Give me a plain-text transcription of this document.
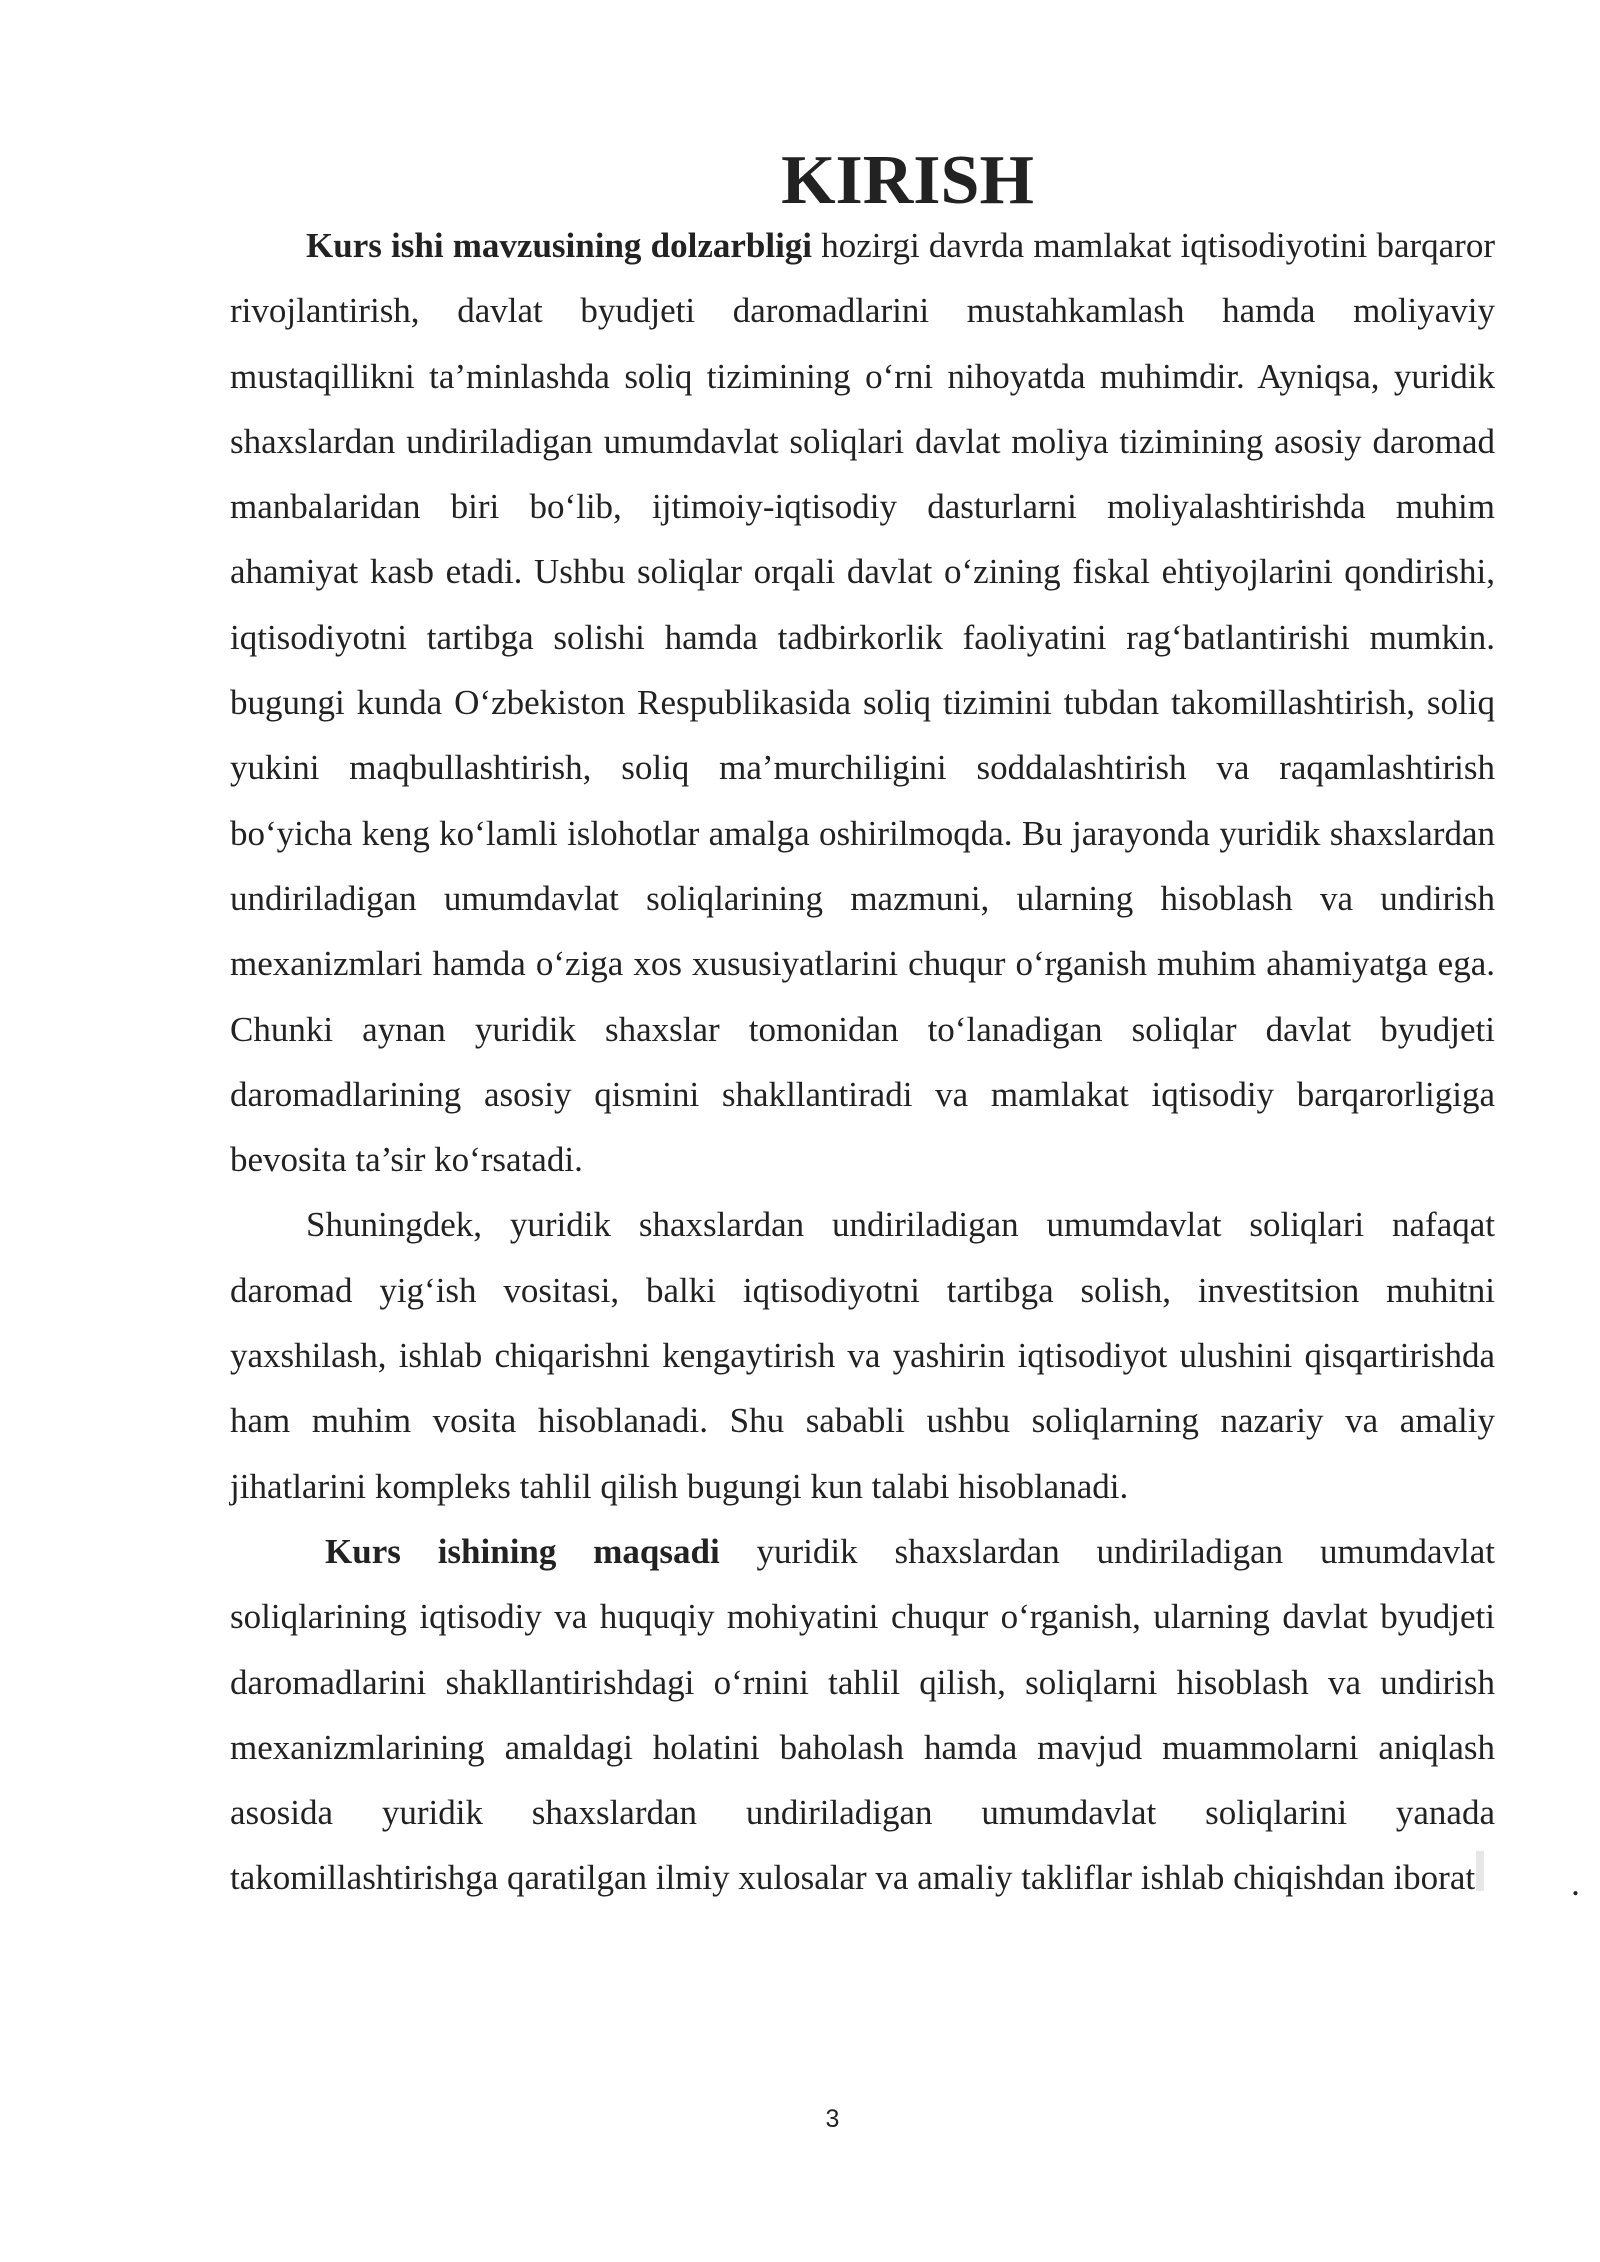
KIRISH

Kurs ishi mavzusining dolzarbligi hozirgi davrda mamlakat iqtisodiyotini barqaror rivojlantirish, davlat byudjeti daromadlarini mustahkamlash hamda moliyaviy mustaqillikni ta’minlashda soliq tizimining o‘rni nihoyatda muhimdir. Ayniqsa, yuridik shaxslardan undiriladigan umumdavlat soliqlari davlat moliya tizimining asosiy daromad manbalaridan biri bo‘lib, ijtimoiy-iqtisodiy dasturlarni moliyalashtirishda muhim ahamiyat kasb etadi. Ushbu soliqlar orqali davlat o‘zining fiskal ehtiyojlarini qondirishi, iqtisodiyotni tartibga solishi hamda tadbirkorlik faoliyatini rag‘batlantirishi mumkin. bugungi kunda O‘zbekiston Respublikasida soliq tizimini tubdan takomillashtirish, soliq yukini maqbullashtirish, soliq ma’murchiligini soddalashtirish va raqamlashtirish bo‘yicha keng ko‘lamli islohotlar amalga oshirilmoqda. Bu jarayonda yuridik shaxslardan undiriladigan umumdavlat soliqlarining mazmuni, ularning hisoblash va undirish mexanizmlari hamda o‘ziga xos xususiyatlarini chuqur o‘rganish muhim ahamiyatga ega. Chunki aynan yuridik shaxslar tomonidan to‘lanadigan soliqlar davlat byudjeti daromadlarining asosiy qismini shakllantiradi va mamlakat iqtisodiy barqarorligiga bevosita ta’sir ko‘rsatadi.

Shuningdek, yuridik shaxslardan undiriladigan umumdavlat soliqlari nafaqat daromad yig‘ish vositasi, balki iqtisodiyotni tartibga solish, investitsion muhitni yaxshilash, ishlab chiqarishni kengaytirish va yashirin iqtisodiyot ulushini qisqartirishda ham muhim vosita hisoblanadi. Shu sababli ushbu soliqlarning nazariy va amaliy jihatlarini kompleks tahlil qilish bugungi kun talabi hisoblanadi.

Kurs ishining maqsadi yuridik shaxslardan undiriladigan umumdavlat soliqlarining iqtisodiy va huquqiy mohiyatini chuqur o‘rganish, ularning davlat byudjeti daromadlarini shakllantirishdagi o‘rnini tahlil qilish, soliqlarni hisoblash va undirish mexanizmlarining amaldagi holatini baholash hamda mavjud muammolarni aniqlash asosida yuridik shaxslardan undiriladigan umumdavlat soliqlarini yanada takomillashtirishga qaratilgan ilmiy xulosalar va amaliy takliflar ishlab chiqishdan iborat	.

3
